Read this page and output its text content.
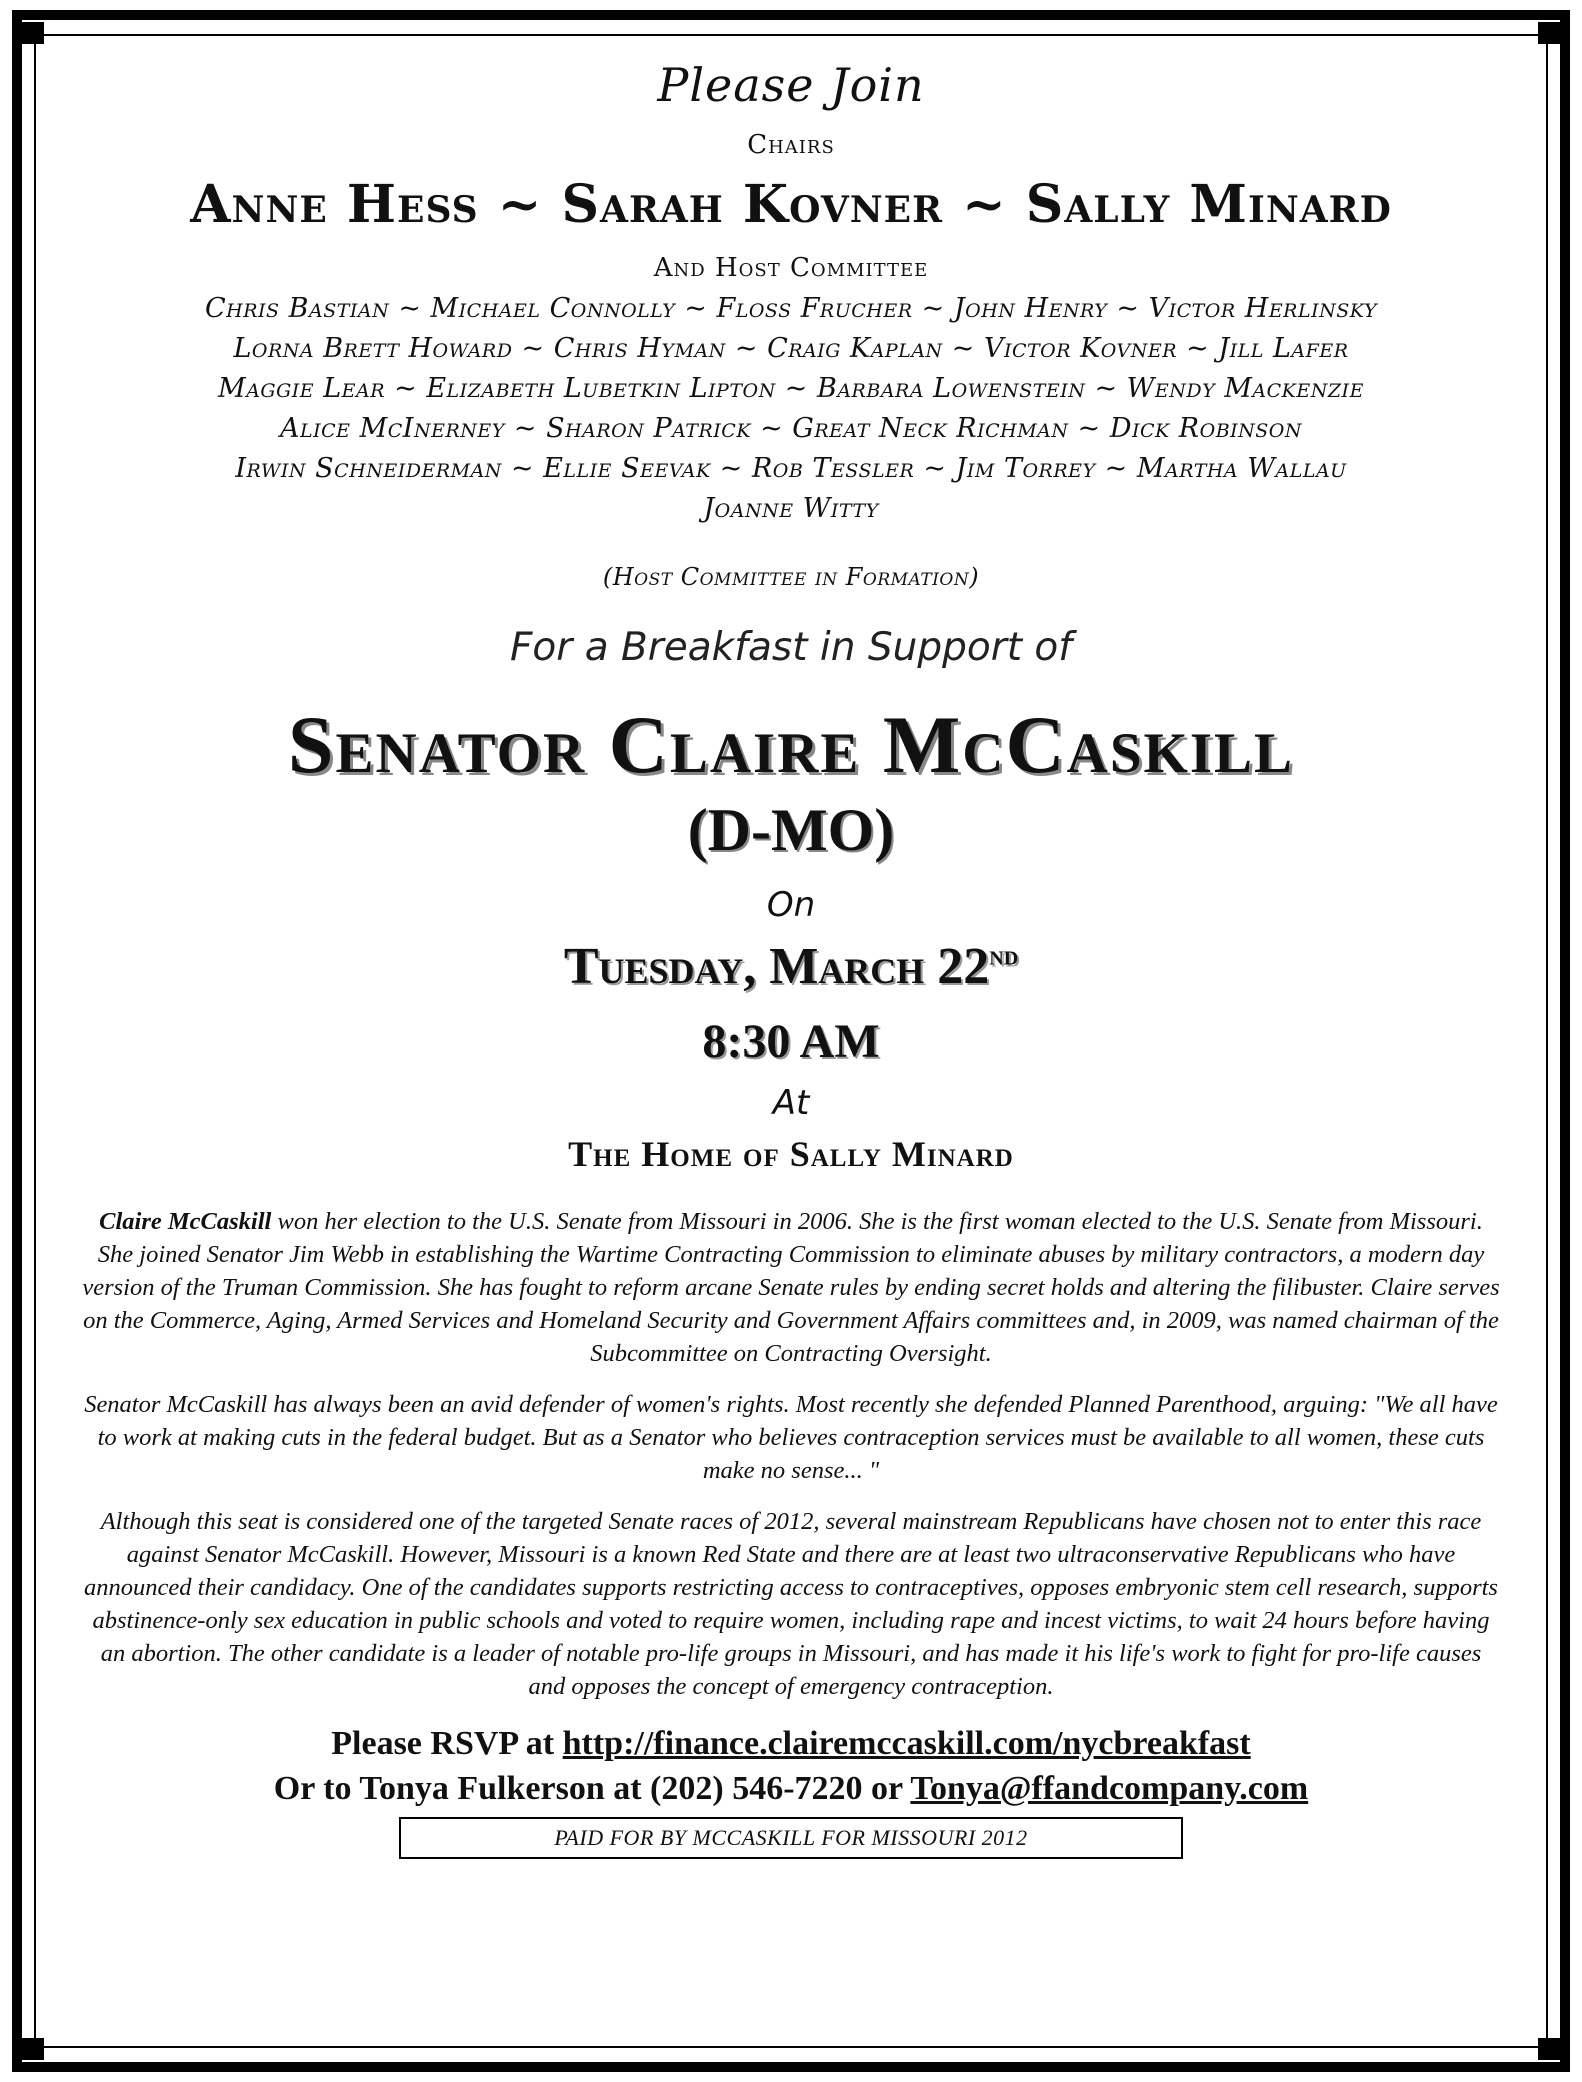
Please Join
Chairs
Anne Hess ~ Sarah Kovner ~ Sally Minard
And Host Committee
Chris Bastian ~ Michael Connolly ~ Floss Frucher ~ John Henry ~ Victor Herlinsky
Lorna Brett Howard ~ Chris Hyman ~ Craig Kaplan ~ Victor Kovner ~ Jill Lafer
Maggie Lear ~ Elizabeth Lubetkin Lipton ~ Barbara Lowenstein ~ Wendy Mackenzie
Alice McInerney ~ Sharon Patrick ~ Great Neck Richman ~ Dick Robinson
Irwin Schneiderman ~ Ellie Seevak ~ Rob Tessler ~ Jim Torrey ~ Martha Wallau
Joanne Witty
(Host Committee in Formation)
For a Breakfast in Support of
Senator Claire McCaskill
(D-MO)
On
Tuesday, March 22nd
8:30 AM
At
The Home of Sally Minard

Claire McCaskill won her election to the U.S. Senate from Missouri in 2006. She is the first woman elected to the U.S. Senate from Missouri. She joined Senator Jim Webb in establishing the Wartime Contracting Commission to eliminate abuses by military contractors, a modern day version of the Truman Commission. She has fought to reform arcane Senate rules by ending secret holds and altering the filibuster. Claire serves on the Commerce, Aging, Armed Services and Homeland Security and Government Affairs committees and, in 2009, was named chairman of the Subcommittee on Contracting Oversight.

Senator McCaskill has always been an avid defender of women's rights. Most recently she defended Planned Parenthood, arguing: "We all have to work at making cuts in the federal budget. But as a Senator who believes contraception services must be available to all women, these cuts make no sense... "

Although this seat is considered one of the targeted Senate races of 2012, several mainstream Republicans have chosen not to enter this race against Senator McCaskill. However, Missouri is a known Red State and there are at least two ultraconservative Republicans who have announced their candidacy. One of the candidates supports restricting access to contraceptives, opposes embryonic stem cell research, supports abstinence-only sex education in public schools and voted to require women, including rape and incest victims, to wait 24 hours before having an abortion. The other candidate is a leader of notable pro-life groups in Missouri, and has made it his life's work to fight for pro-life causes and opposes the concept of emergency contraception.

Please RSVP at http://finance.clairemccaskill.com/nycbreakfast
Or to Tonya Fulkerson at (202) 546-7220 or Tonya@ffandcompany.com
PAID FOR BY MCCASKILL FOR MISSOURI 2012
